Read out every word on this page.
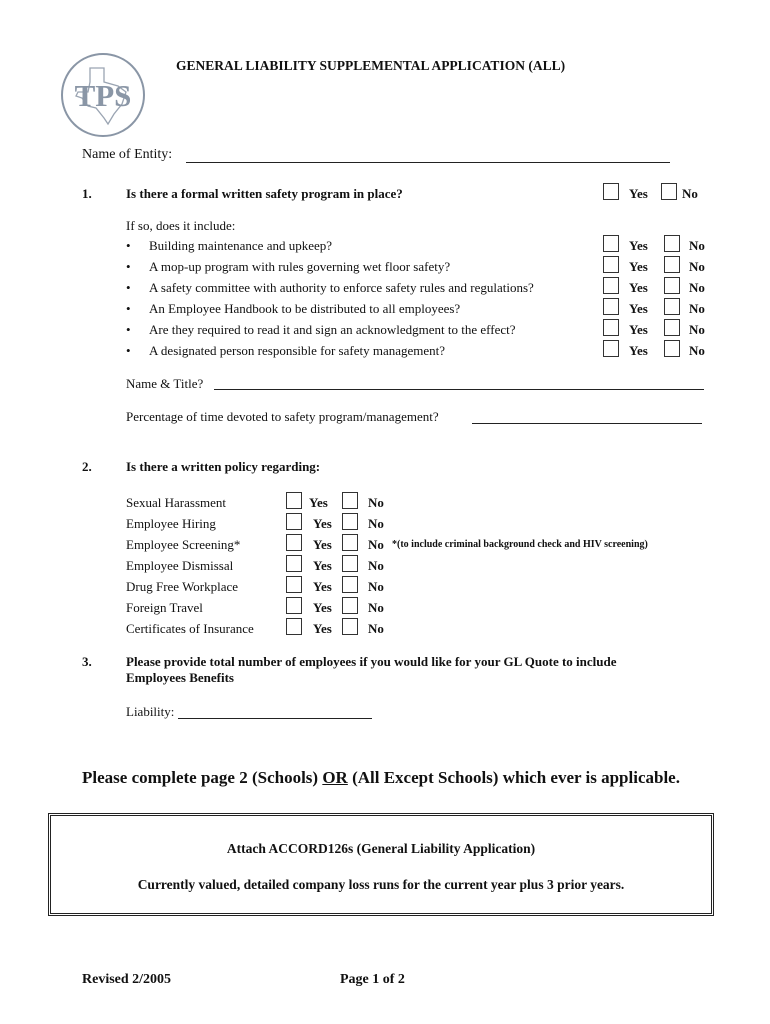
TPS
GENERAL LIABILITY SUPPLEMENTAL APPLICATION (ALL)
Name of Entity:
1.	Is there a formal written safety program in place?	Yes	No
If so, does it include:
• Building maintenance and upkeep?	Yes	No
• A mop-up program with rules governing wet floor safety?	Yes	No
• A safety committee with authority to enforce safety rules and regulations?	Yes	No
• An Employee Handbook to be distributed to all employees?	Yes	No
• Are they required to read it and sign an acknowledgment to the effect?	Yes	No
• A designated person responsible for safety management?	Yes	No
Name & Title?
Percentage of time devoted to safety program/management?
2.	Is there a written policy regarding:
Sexual Harassment	Yes	No
Employee Hiring	Yes	No
Employee Screening*	Yes	No *(to include criminal background check and HIV screening)
Employee Dismissal	Yes	No
Drug Free Workplace	Yes	No
Foreign Travel	Yes	No
Certificates of Insurance	Yes	No
3.	Please provide total number of employees if you would like for your GL Quote to include
Employees Benefits
Liability:
Please complete page 2 (Schools) OR (All Except Schools) which ever is applicable.
Attach ACCORD126s (General Liability Application)
Currently valued, detailed company loss runs for the current year plus 3 prior years.
Revised 2/2005	Page 1 of 2
